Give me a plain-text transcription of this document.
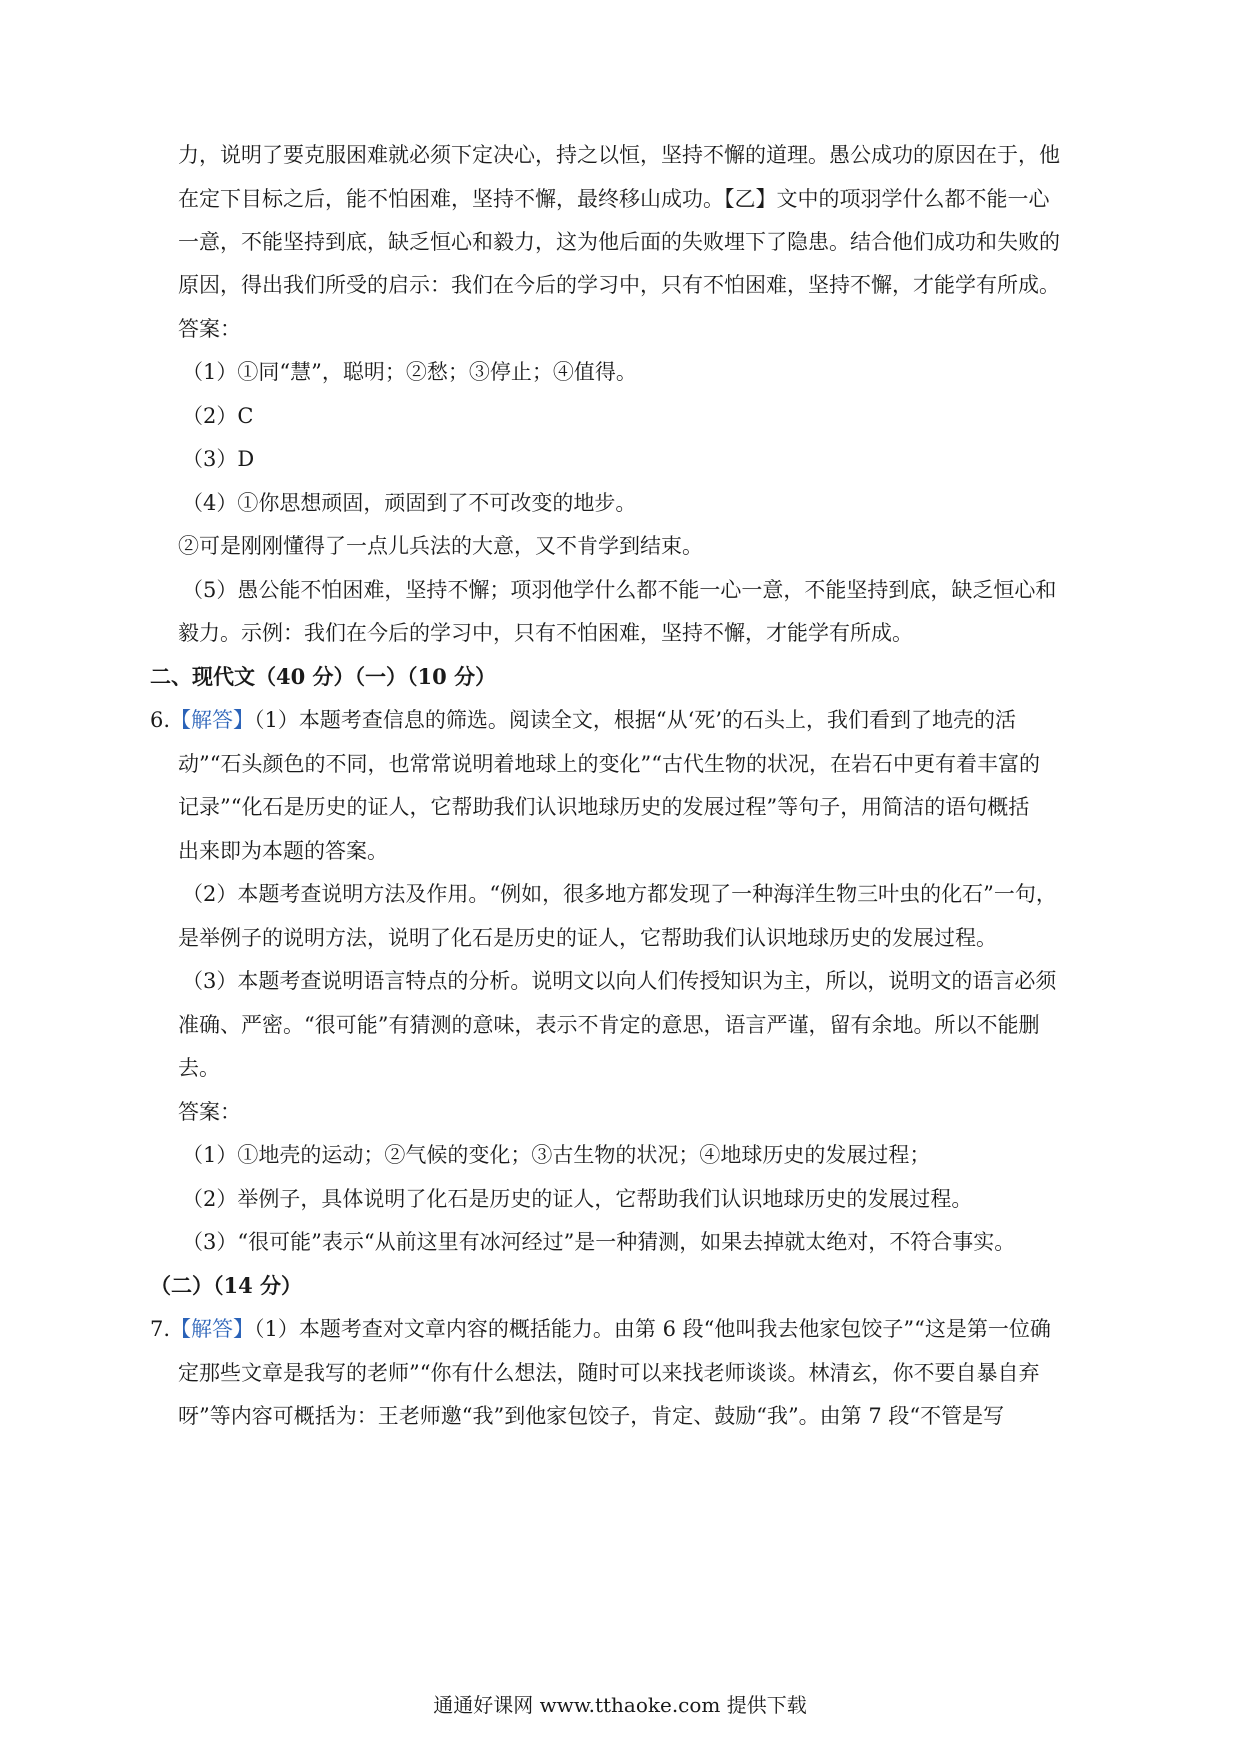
力，说明了要克服困难就必须下定决心，持之以恒，坚持不懈的道理。愚公成功的原因在于，他
在定下目标之后，能不怕困难，坚持不懈，最终移山成功。【乙】文中的项羽学什么都不能一心
一意，不能坚持到底，缺乏恒心和毅力，这为他后面的失败埋下了隐患。结合他们成功和失败的
原因，得出我们所受的启示：我们在今后的学习中，只有不怕困难，坚持不懈，才能学有所成。
答案：
（1）①同“慧”，聪明；②愁；③停止；④值得。
（2）C
（3）D
（4）①你思想顽固，顽固到了不可改变的地步。
②可是刚刚懂得了一点儿兵法的大意，又不肯学到结束。
（5）愚公能不怕困难，坚持不懈；项羽他学什么都不能一心一意，不能坚持到底，缺乏恒心和
毅力。示例：我们在今后的学习中，只有不怕困难，坚持不懈，才能学有所成。
二、现代文（40 分）（一）（10 分）
6.【解答】（1）本题考查信息的筛选。阅读全文，根据“从‘死’的石头上，我们看到了地壳的活
动”“石头颜色的不同，也常常说明着地球上的变化”“古代生物的状况，在岩石中更有着丰富的
记录”“化石是历史的证人，它帮助我们认识地球历史的发展过程”等句子，用简洁的语句概括
出来即为本题的答案。
（2）本题考查说明方法及作用。“例如，很多地方都发现了一种海洋生物三叶虫的化石”一句，
是举例子的说明方法，说明了化石是历史的证人，它帮助我们认识地球历史的发展过程。
（3）本题考查说明语言特点的分析。说明文以向人们传授知识为主，所以，说明文的语言必须
准确、严密。“很可能”有猜测的意味，表示不肯定的意思，语言严谨，留有余地。所以不能删
去。
答案：
（1）①地壳的运动；②气候的变化；③古生物的状况；④地球历史的发展过程；
（2）举例子，具体说明了化石是历史的证人，它帮助我们认识地球历史的发展过程。
（3）“很可能”表示“从前这里有冰河经过”是一种猜测，如果去掉就太绝对，不符合事实。
（二）（14 分）
7.【解答】（1）本题考查对文章内容的概括能力。由第 6 段“他叫我去他家包饺子”“这是第一位确
定那些文章是我写的老师”“你有什么想法，随时可以来找老师谈谈。林清玄，你不要自暴自弃
呀”等内容可概括为：王老师邀“我”到他家包饺子，肯定、鼓励“我”。由第 7 段“不管是写
通通好课网 www.tthaoke.com 提供下载
